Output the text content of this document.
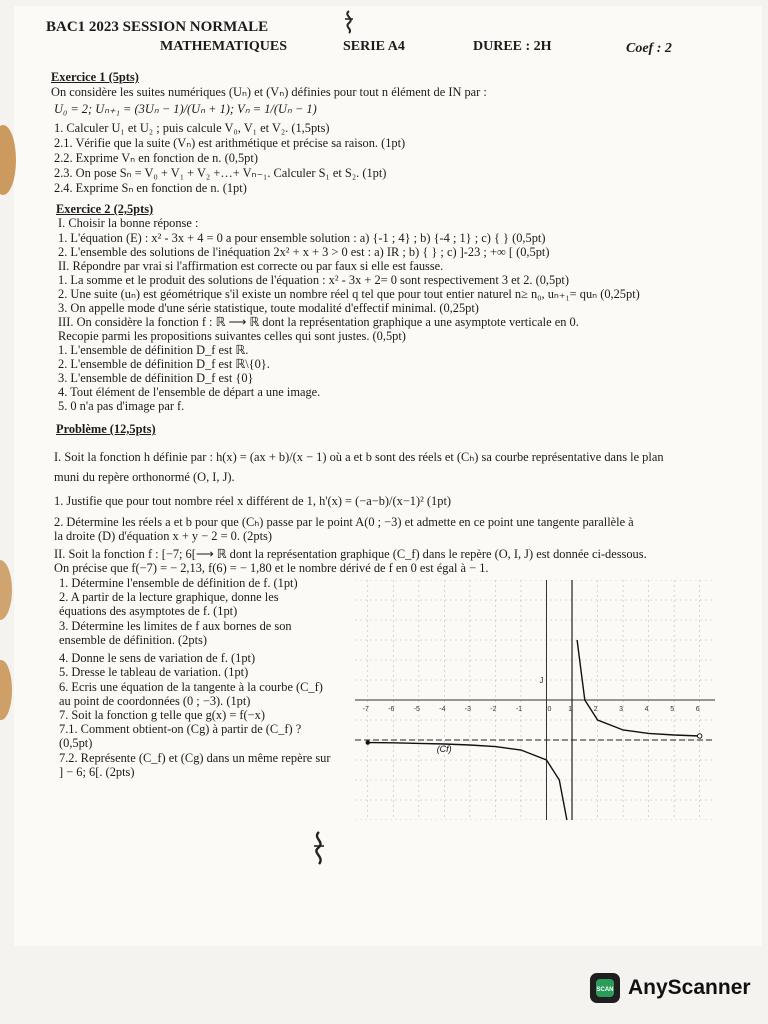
BAC1 2023 SESSION NORMALE
MATHEMATIQUES	SERIE A4	DUREE : 2H	Coef : 2
Exercice 1 (5pts)
On considère les suites numériques (Uₙ) et (Vₙ) définies pour tout n élément de IN par :
U₀ = 2; Uₙ₊₁ = (3Uₙ − 1)/(Uₙ + 1); Vₙ = 1/(Uₙ − 1)
1. Calculer U₁ et U₂ ; puis calcule V₀, V₁ et V₂. (1,5pts)
2.1. Vérifie que la suite (Vₙ) est arithmétique et précise sa raison. (1pt)
2.2. Exprime Vₙ en fonction de n. (0,5pt)
2.3. On pose Sₙ = V₀ + V₁ + V₂ +…+ Vₙ₋₁. Calculer S₁ et S₂. (1pt)
2.4. Exprime Sₙ en fonction de n. (1pt)
Exercice 2 (2,5pts)
I. Choisir la bonne réponse :
1. L'équation (E) : x² - 3x + 4 = 0 a pour ensemble solution : a) {-1 ; 4} ; b) {-4 ; 1} ; c) { } (0,5pt)
2. L'ensemble des solutions de l'inéquation 2x² + x + 3 > 0 est : a) IR ; b) { } ; c) ]-23 ; +∞ [ (0,5pt)
II. Répondre par vrai si l'affirmation est correcte ou par faux si elle est fausse.
1. La somme et le produit des solutions de l'équation : x² - 3x + 2= 0 sont respectivement 3 et 2. (0,5pt)
2. Une suite (uₙ) est géométrique s'il existe un nombre réel q tel que pour tout entier naturel n≥ n₀, uₙ₊₁= quₙ (0,25pt)
3. On appelle mode d'une série statistique, toute modalité d'effectif minimal. (0,25pt)
III. On considère la fonction f : ℝ ⟶ ℝ dont la représentation graphique a une asymptote verticale en 0.
Recopie parmi les propositions suivantes celles qui sont justes. (0,5pt)
1. L'ensemble de définition D_f est ℝ.
2. L'ensemble de définition D_f est ℝ\{0}.
3. L'ensemble de définition D_f est {0}
4. Tout élément de l'ensemble de départ a une image.
5. 0 n'a pas d'image par f.
Problème (12,5pts)
I. Soit la fonction h définie par : h(x) = (ax + b)/(x − 1) où a et b sont des réels et (Cₕ) sa courbe représentative dans le plan
muni du repère orthonormé (O, I, J).
1. Justifie que pour tout nombre réel x différent de 1, h'(x) = (−a−b)/(x−1)² (1pt)
2. Détermine les réels a et b pour que (Cₕ) passe par le point A(0 ; −3) et admette en ce point une tangente parallèle à
la droite (D) d'équation x + y − 2 = 0. (2pts)
II. Soit la fonction f : [−7; 6[⟶ ℝ dont la représentation graphique (C_f) dans le repère (O, I, J) est donnée ci-dessous.
On précise que f(−7) = − 2,13, f(6) = − 1,80 et le nombre dérivé de f en 0 est égal à − 1.
1. Détermine l'ensemble de définition de f. (1pt)
2. A partir de la lecture graphique, donne les
équations des asymptotes de f. (1pt)
3. Détermine les limites de f aux bornes de son
ensemble de définition. (2pts)
4. Donne le sens de variation de f. (1pt)
5. Dresse le tableau de variation. (1pt)
6. Ecris une équation de la tangente à la courbe (C_f)
au point de coordonnées (0 ; −3). (1pt)
7. Soit la fonction g telle que g(x) = f(−x)
7.1. Comment obtient-on (Cg) à partir de (C_f) ?
(0,5pt)
7.2. Représente (C_f) et (Cg) dans un même repère sur
] − 6; 6[. (2pts)
-7	-6	-5	-4	-3	-2	-1	0 1	2	3	4	5	6
J
(Cf)
SCAN AnyScanner
